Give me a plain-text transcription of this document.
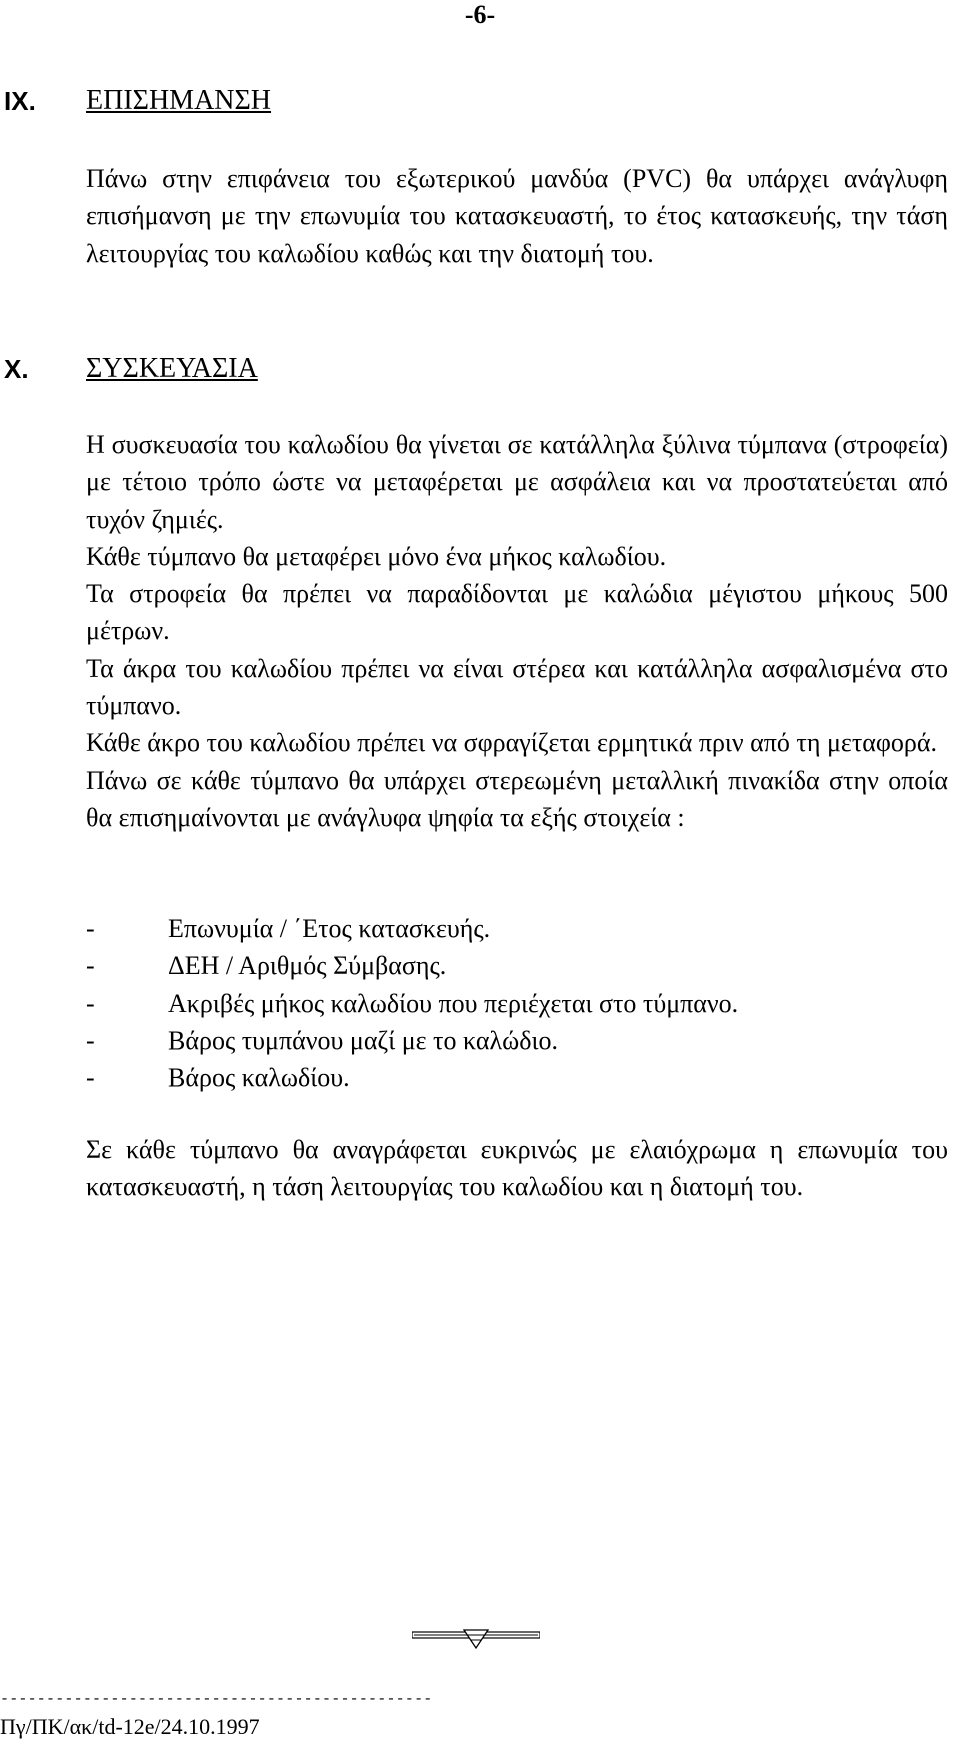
-6-
IX. ΕΠΙΣΗΜΑΝΣΗ

Πάνω στην επιφάνεια του εξωτερικού μανδύα (PVC) θα υπάρχει ανάγλυφη επισήμανση με την επωνυμία του κατασκευαστή, το έτος κατασκευής, την τάση λειτουργίας του καλωδίου καθώς και την διατομή του.

X. ΣΥΣΚΕΥΑΣΙΑ

Η συσκευασία του καλωδίου θα γίνεται σε κατάλληλα ξύλινα τύμπανα (στροφεία) με τέτοιο τρόπο ώστε να μεταφέρεται με ασφάλεια και να προστατεύεται από τυχόν ζημιές.

Κάθε τύμπανο θα μεταφέρει μόνο ένα μήκος καλωδίου.

Τα στροφεία θα πρέπει να παραδίδονται με καλώδια μέγιστου μήκους 500 μέτρων.

Τα άκρα του καλωδίου πρέπει να είναι στέρεα και κατάλληλα ασφαλισμένα στο τύμπανο.

Κάθε άκρο του καλωδίου πρέπει να σφραγίζεται ερμητικά πριν από τη μεταφορά.

Πάνω σε κάθε τύμπανο θα υπάρχει στερεωμένη μεταλλική πινακίδα στην οποία θα επισημαίνονται με ανάγλυφα ψηφία τα εξής στοιχεία :

-	Επωνυμία / ΄Ετος κατασκευής.
-	ΔΕΗ / Αριθμός Σύμβασης.
-	Ακριβές μήκος καλωδίου που περιέχεται στο τύμπανο.
-	Βάρος τυμπάνου μαζί με το καλώδιο.
-	Βάρος καλωδίου.

Σε κάθε τύμπανο θα αναγράφεται ευκρινώς με ελαιόχρωμα η επωνυμία του κατασκευαστή, η τάση λειτουργίας του καλωδίου και η διατομή του.

-----------------------------------------------
Πγ/ΠΚ/ακ/td-12e/24.10.1997
